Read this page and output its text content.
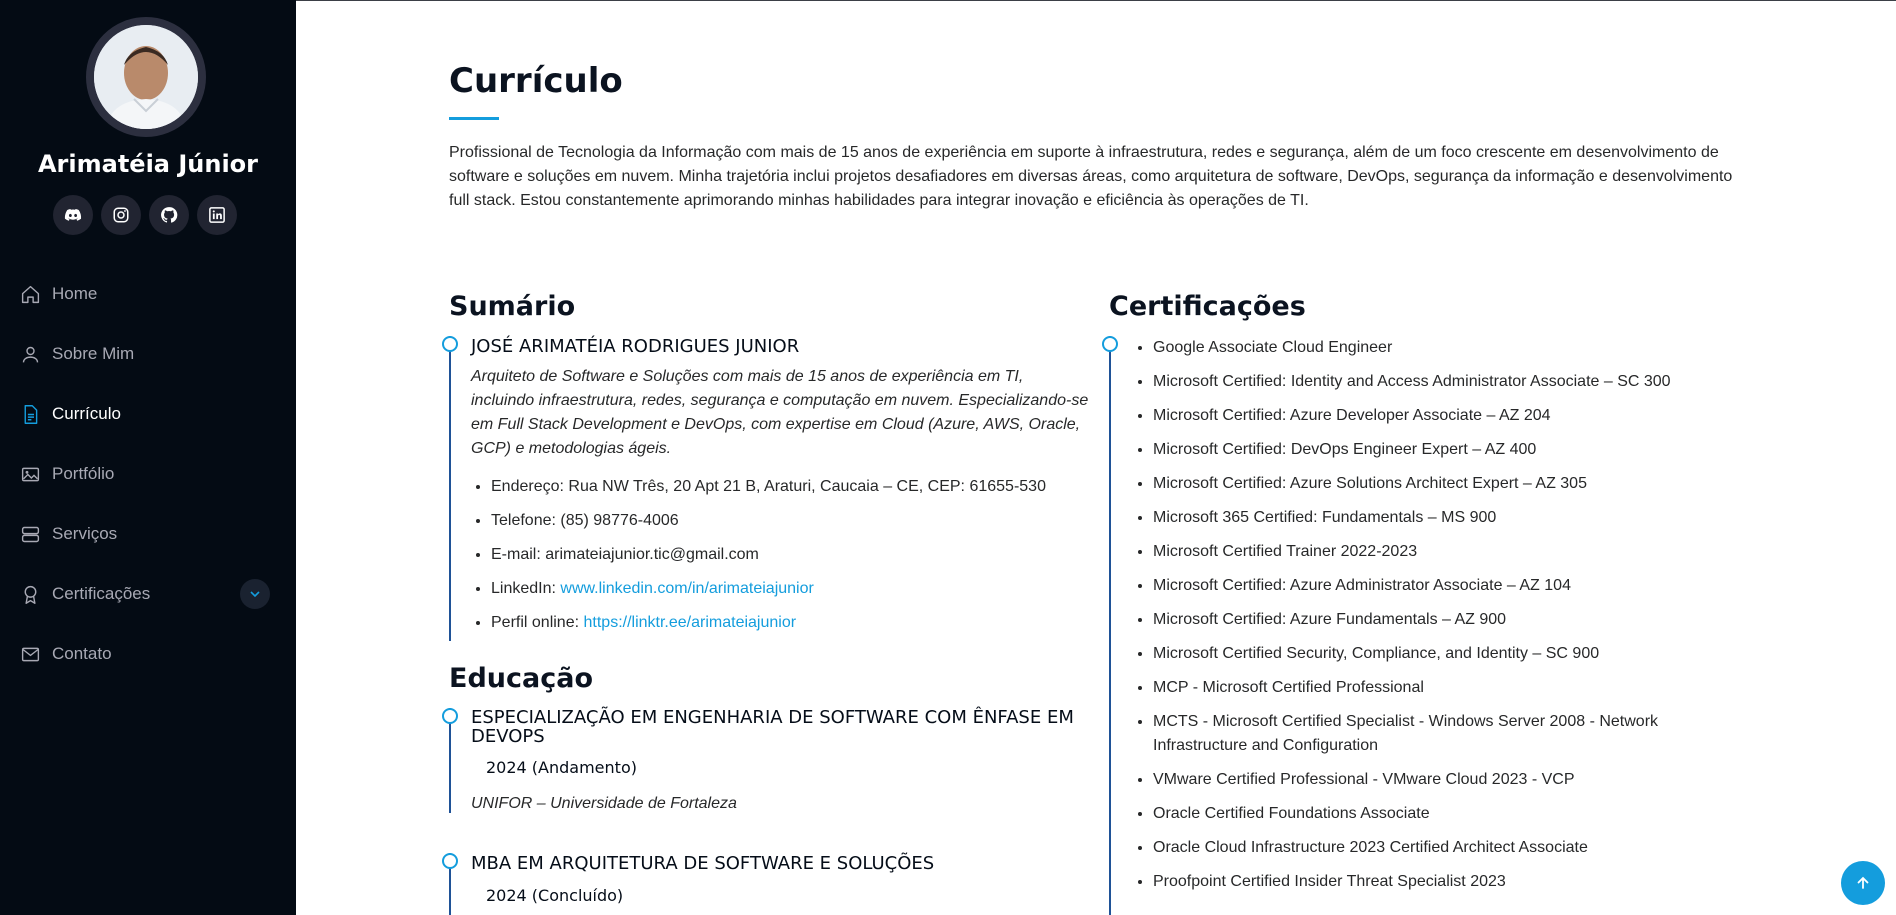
Arimatéia Júnior
Home
Sobre Mim
Currículo
Portfólio
Serviços
Certificações
Contato
Currículo

Profissional de Tecnologia da Informação com mais de 15 anos de experiência em suporte à infraestrutura, redes e segurança, além de um foco crescente em desenvolvimento de software e soluções em nuvem. Minha trajetória inclui projetos desafiadores em diversas áreas, como arquitetura de software, DevOps, segurança da informação e desenvolvimento full stack. Estou constantemente aprimorando minhas habilidades para integrar inovação e eficiência às operações de TI.

Sumário
JOSÉ ARIMATÉIA RODRIGUES JUNIOR

Arquiteto de Software e Soluções com mais de 15 anos de experiência em TI, incluindo infraestrutura, redes, segurança e computação em nuvem. Especializando-se em Full Stack Development e DevOps, com expertise em Cloud (Azure, AWS, Oracle, GCP) e metodologias ágeis.

• Endereço: Rua NW Três, 20 Apt 21 B, Araturi, Caucaia – CE, CEP: 61655-530
• Telefone: (85) 98776-4006
• E-mail: arimateiajunior.tic@gmail.com
• LinkedIn: www.linkedin.com/in/arimateiajunior
• Perfil online: https://linktr.ee/arimateiajunior
Educação
ESPECIALIZAÇÃO EM ENGENHARIA DE SOFTWARE COM ÊNFASE EM DEVOPS
2024 (Andamento)

UNIFOR – Universidade de Fortaleza

MBA EM ARQUITETURA DE SOFTWARE E SOLUÇÕES
2024 (Concluído)
Certificações
• Google Associate Cloud Engineer
• Microsoft Certified: Identity and Access Administrator Associate – SC 300
• Microsoft Certified: Azure Developer Associate – AZ 204
• Microsoft Certified: DevOps Engineer Expert – AZ 400
• Microsoft Certified: Azure Solutions Architect Expert – AZ 305
• Microsoft 365 Certified: Fundamentals – MS 900
• Microsoft Certified Trainer 2022-2023
• Microsoft Certified: Azure Administrator Associate – AZ 104
• Microsoft Certified: Azure Fundamentals – AZ 900
• Microsoft Certified Security, Compliance, and Identity – SC 900
• MCP - Microsoft Certified Professional
• MCTS - Microsoft Certified Specialist - Windows Server 2008 - Network Infrastructure and Configuration
• VMware Certified Professional - VMware Cloud 2023 - VCP
• Oracle Certified Foundations Associate
• Oracle Cloud Infrastructure 2023 Certified Architect Associate
• Proofpoint Certified Insider Threat Specialist 2023
